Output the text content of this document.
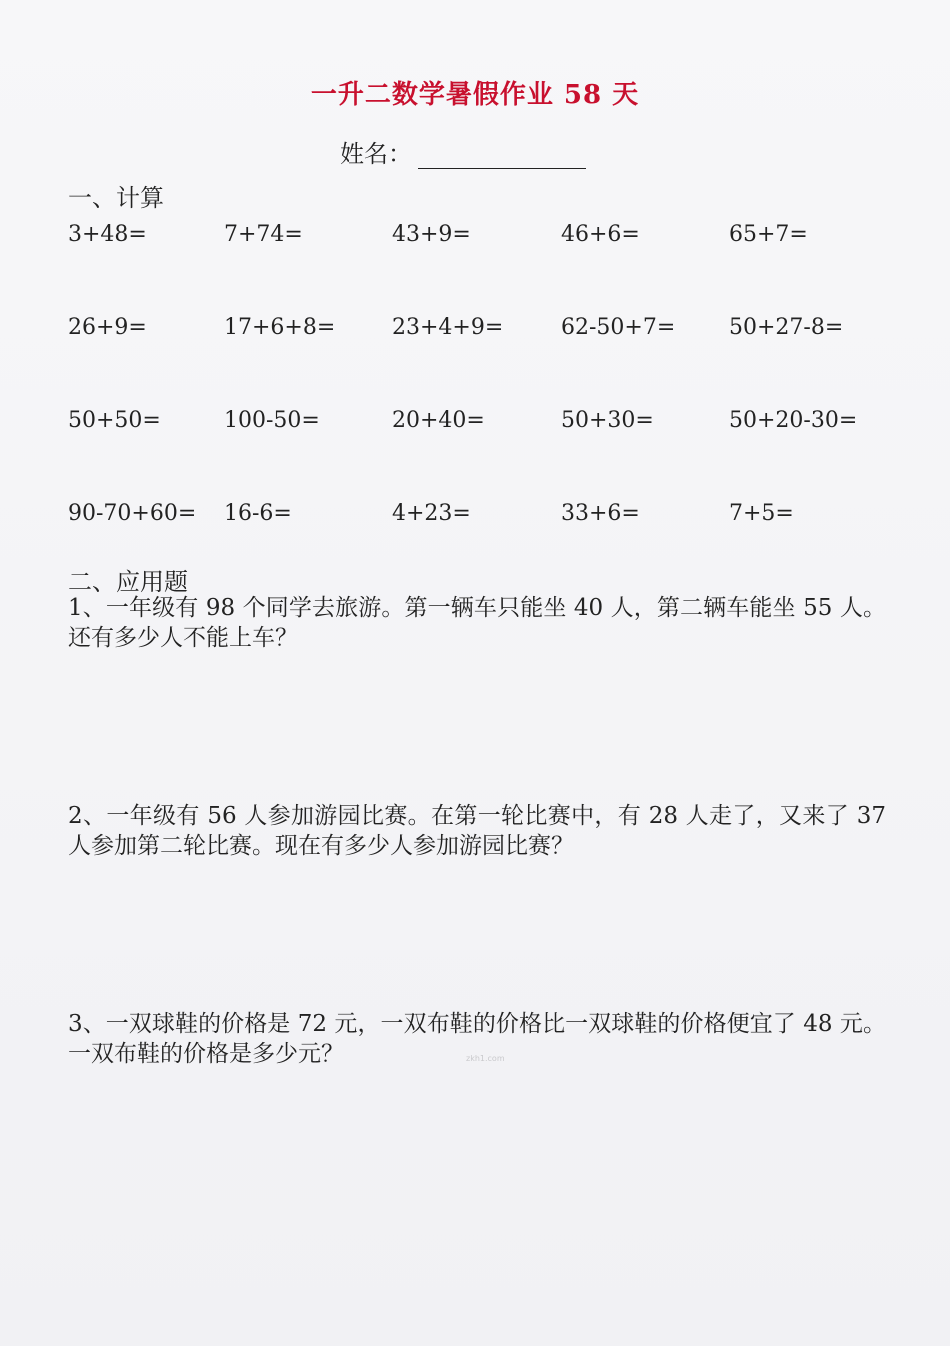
一升二数学暑假作业 58 天
姓名：
一、计算
3+48=	7+74=	43+9=	46+6=	65+7=
26+9=	17+6+8=	23+4+9=	62-50+7= 50+27-8=
50+50=	100-50=	20+40=	50+30=	50+20-30=
90-70+60= 16-6=	4+23=	33+6=	7+5=
二、应用题
1、一年级有 98 个同学去旅游。第一辆车只能坐 40 人，第二辆车能坐 55 人。还有多少人不能上车？
2、一年级有 56 人参加游园比赛。在第一轮比赛中，有 28 人走了，又来了 37 人参加第二轮比赛。现在有多少人参加游园比赛？
3、一双球鞋的价格是 72 元，一双布鞋的价格比一双球鞋的价格便宜了 48 元。一双布鞋的价格是多少元？	zkh1.com
